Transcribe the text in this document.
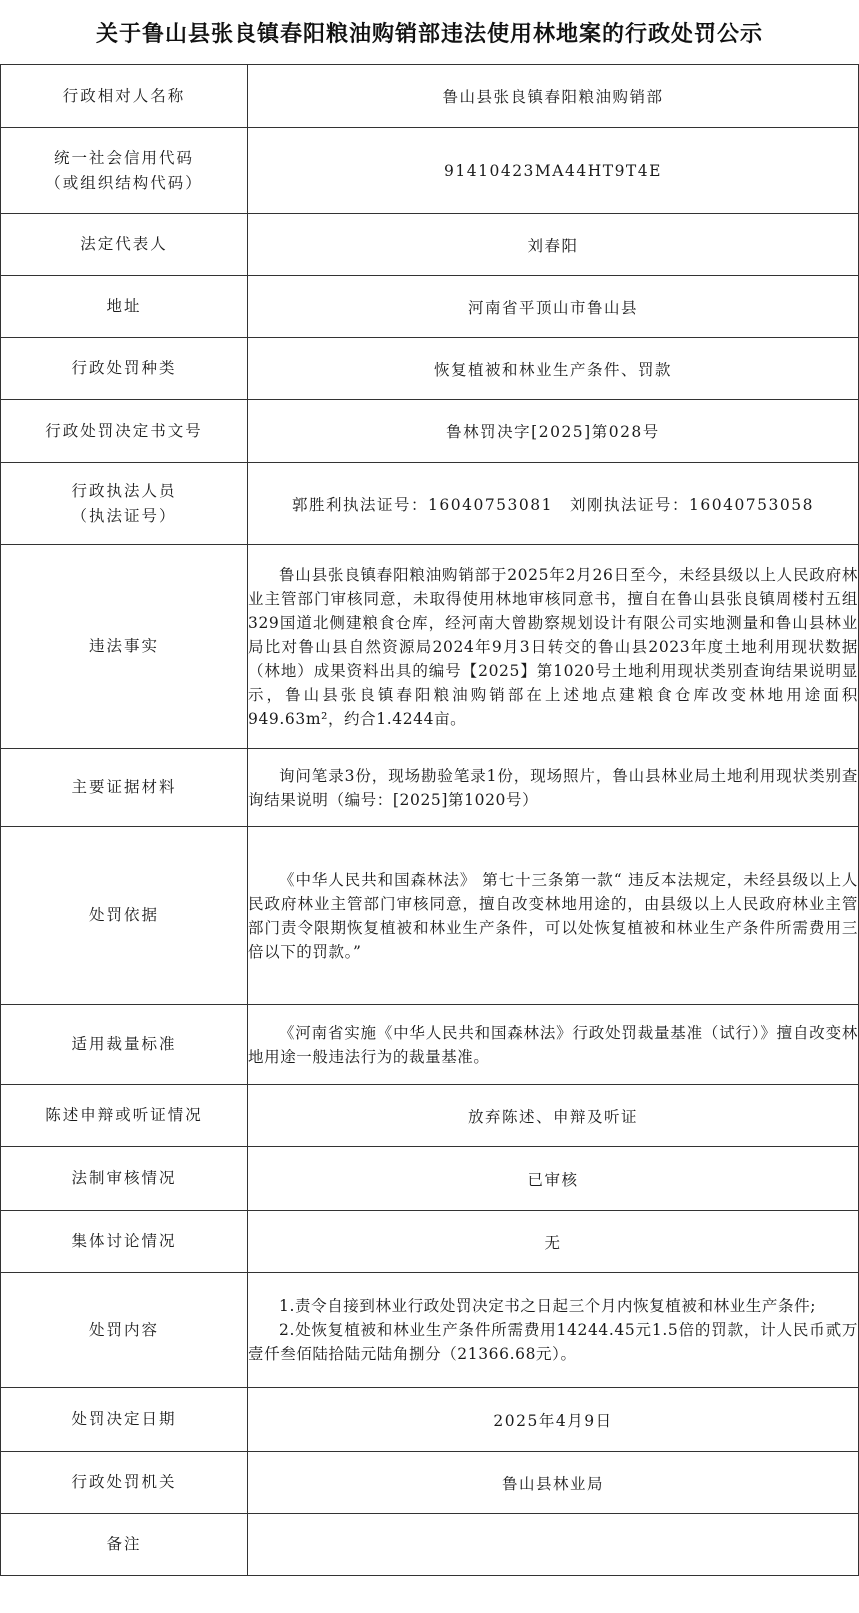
关于鲁山县张良镇春阳粮油购销部违法使用林地案的行政处罚公示
行政相对人名称	鲁山县张良镇春阳粮油购销部

统一社会信用代码
（或组织结构代码）	91410423MA44HT9T4E
法定代表人	刘春阳
地址	河南省平顶山市鲁山县
行政处罚种类	恢复植被和林业生产条件、罚款
行政处罚决定书文号	鲁林罚决字[2025]第028号

行政执法人员
（执法证号）	郭胜利执法证号：16040753081　刘刚执法证号：16040753058
违法事实	鲁山县张良镇春阳粮油购销部于2025年2月26日至今，未经县级以上人民政府林业主管部门审核同意，未取得使用林地审核同意书，擅自在鲁山县张良镇周楼村五组329国道北侧建粮食仓库，经河南大曾勘察规划设计有限公司实地测量和鲁山县林业局比对鲁山县自然资源局2024年9月3日转交的鲁山县2023年度土地利用现状数据（林地）成果资料出具的编号【2025】第1020号土地利用现状类别查询结果说明显示，鲁山县张良镇春阳粮油购销部在上述地点建粮食仓库改变林地用途面积949.63m²，约合1.4244亩。

主要证据材料	询问笔录3份，现场勘验笔录1份，现场照片，鲁山县林业局土地利用现状类别查询结果说明（编号：[2025]第1020号）

处罚依据	《中华人民共和国森林法》 第七十三条第一款“ 违反本法规定，未经县级以上人民政府林业主管部门审核同意，擅自改变林地用途的，由县级以上人民政府林业主管部门责令限期恢复植被和林业生产条件，可以处恢复植被和林业生产条件所需费用三倍以下的罚款。”

适用裁量标准	《河南省实施《中华人民共和国森林法》行政处罚裁量基准（试行）》擅自改变林地用途一般违法行为的裁量基准。

陈述申辩或听证情况	放弃陈述、申辩及听证
法制审核情况	已审核
集体讨论情况	无
处罚内容	1.责令自接到林业行政处罚决定书之日起三个月内恢复植被和林业生产条件;

2.处恢复植被和林业生产条件所需费用14244.45元1.5倍的罚款，计人民币贰万壹仟叁佰陆拾陆元陆角捌分（21366.68元）。

处罚决定日期	2025年4月9日
行政处罚机关	鲁山县林业局
备注	
